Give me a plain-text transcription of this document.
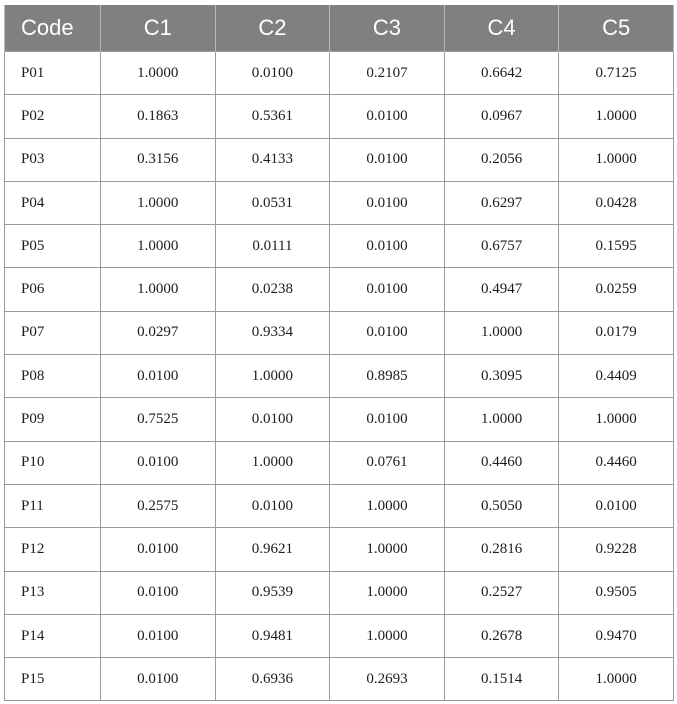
Code	C1	C2	C3	C4	C5
P01	1.0000	0.0100	0.2107	0.6642	0.7125
P02	0.1863	0.5361	0.0100	0.0967	1.0000
P03	0.3156	0.4133	0.0100	0.2056	1.0000
P04	1.0000	0.0531	0.0100	0.6297	0.0428
P05	1.0000	0.0111	0.0100	0.6757	0.1595
P06	1.0000	0.0238	0.0100	0.4947	0.0259
P07	0.0297	0.9334	0.0100	1.0000	0.0179
P08	0.0100	1.0000	0.8985	0.3095	0.4409
P09	0.7525	0.0100	0.0100	1.0000	1.0000
P10	0.0100	1.0000	0.0761	0.4460	0.4460
P11	0.2575	0.0100	1.0000	0.5050	0.0100
P12	0.0100	0.9621	1.0000	0.2816	0.9228
P13	0.0100	0.9539	1.0000	0.2527	0.9505
P14	0.0100	0.9481	1.0000	0.2678	0.9470
P15	0.0100	0.6936	0.2693	0.1514	1.0000
